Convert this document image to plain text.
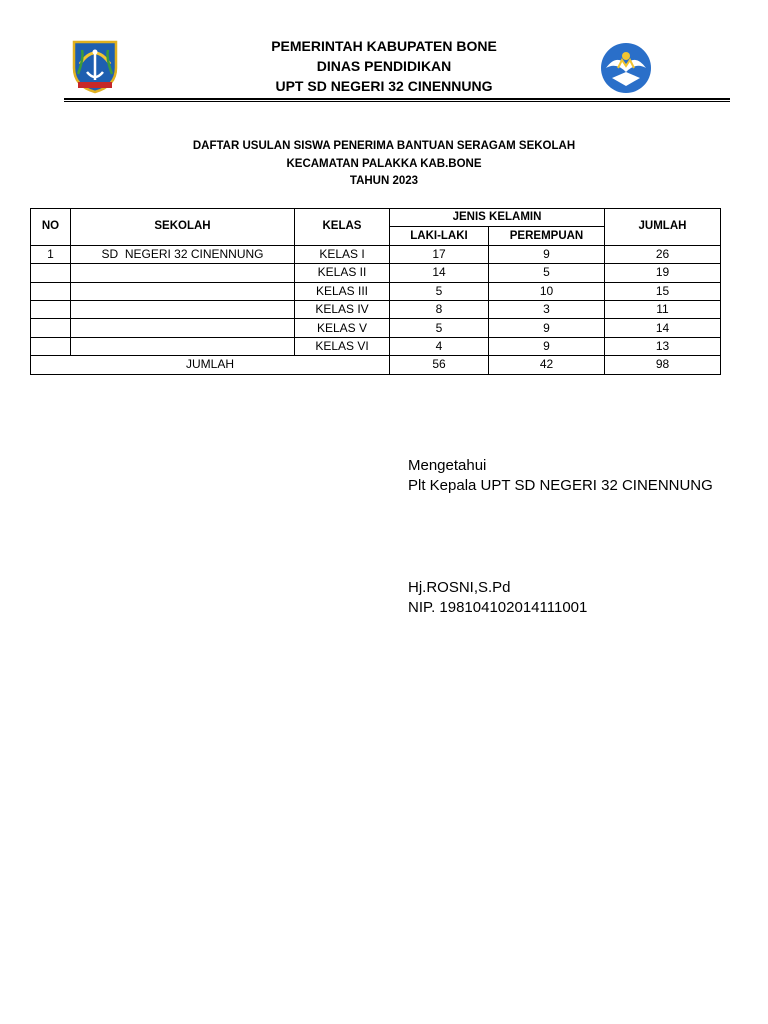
PEMERINTAH KABUPATEN BONE
DINAS PENDIDIKAN
UPT SD NEGERI 32 CINENNUNG
DAFTAR USULAN SISWA PENERIMA BANTUAN SERAGAM SEKOLAH
KECAMATAN PALAKKA KAB.BONE
TAHUN 2023
NO	SEKOLAH	KELAS	JENIS KELAMIN		JUMLAH
			LAKI-LAKI	PEREMPUAN	
1	SD  NEGERI 32 CINENNUNG	KELAS I	17	9	26
		KELAS II	14	5	19
		KELAS III	5	10	15
		KELAS IV	8	3	11
		KELAS V	5	9	14
		KELAS VI	4	9	13
JUMLAH			56	42	98
Mengetahui
Plt Kepala UPT SD NEGERI 32 CINENNUNG
Hj.ROSNI,S.Pd
NIP. 198104102014111001
